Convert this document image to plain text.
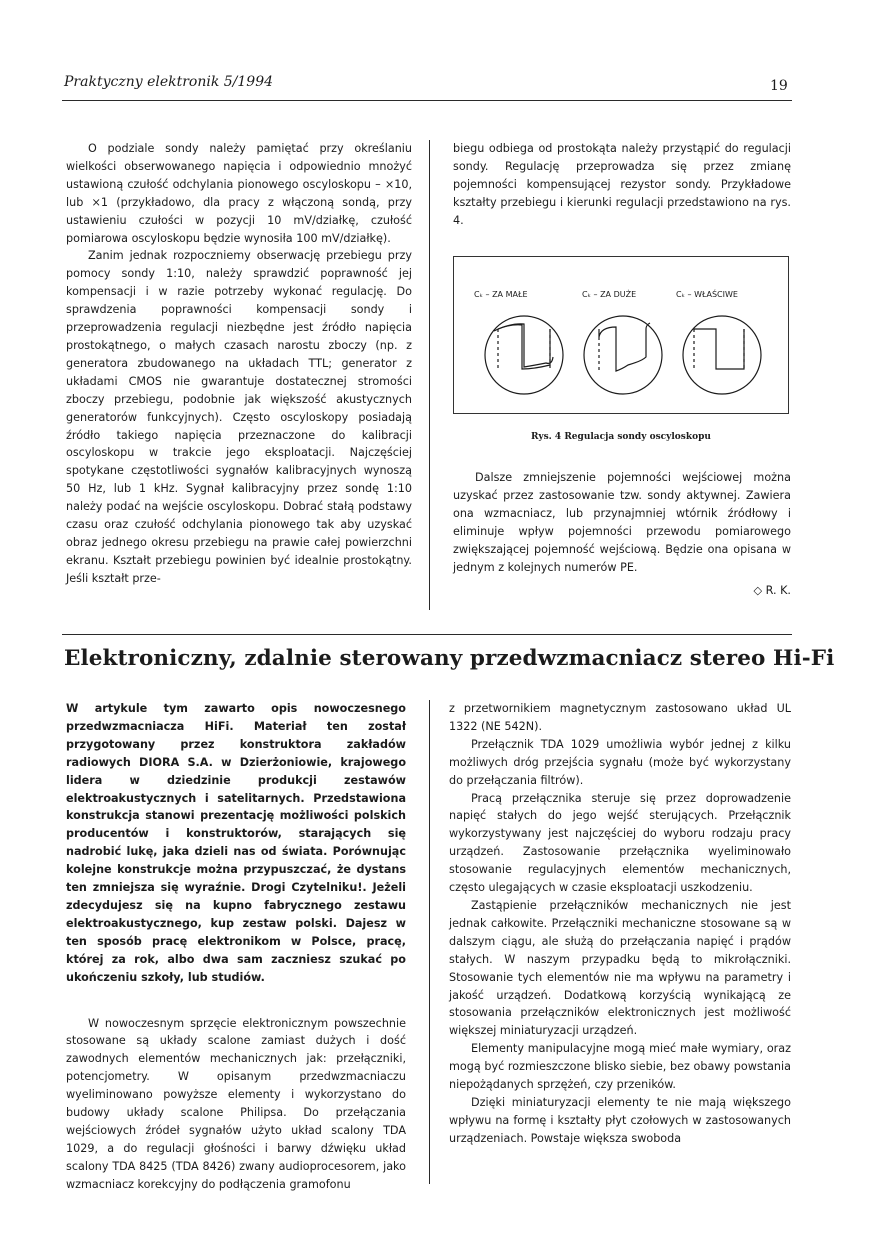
Praktyczny elektronik 5/1994	19

O podziale sondy należy pamiętać przy określaniu wielkości obserwowanego napięcia i odpowiednio mnożyć ustawioną czułość odchylania pionowego oscyloskopu – ×10, lub ×1 (przykładowo, dla pracy z włączoną sondą, przy ustawieniu czułości w pozycji 10 mV/działkę, czułość pomiarowa oscyloskopu będzie wynosiła 100 mV/działkę).

Zanim jednak rozpoczniemy obserwację przebiegu przy pomocy sondy 1:10, należy sprawdzić poprawność jej kompensacji i w razie potrzeby wykonać regulację. Do sprawdzenia poprawności kompensacji sondy i przeprowadzenia regulacji niezbędne jest źródło napięcia prostokątnego, o małych czasach narostu zboczy (np. z generatora zbudowanego na układach TTL; generator z układami CMOS nie gwarantuje dostatecznej stromości zboczy przebiegu, podobnie jak większość akustycznych generatorów funkcyjnych). Często oscyloskopy posiadają źródło takiego napięcia przeznaczone do kalibracji oscyloskopu w trakcie jego eksploatacji. Najczęściej spotykane częstotliwości sygnałów kalibracyjnych wynoszą 50 Hz, lub 1 kHz. Sygnał kalibracyjny przez sondę 1:10 należy podać na wejście oscyloskopu. Dobrać stałą podstawy czasu oraz czułość odchylania pionowego tak aby uzyskać obraz jednego okresu przebiegu na prawie całej powierzchni ekranu. Kształt przebiegu powinien być idealnie prostokątny. Jeśli kształt prze-

biegu odbiega od prostokąta należy przystąpić do regulacji sondy. Regulację przeprowadza się przez zmianę pojemności kompensującej rezystor sondy. Przykładowe kształty przebiegu i kierunki regulacji przedstawiono na rys. 4.

Cₖ – ZA MAŁE	Cₖ – ZA DUŻE	Cₖ – WŁAŚCIWE
Rys. 4 Regulacja sondy oscyloskopu

Dalsze zmniejszenie pojemności wejściowej można uzyskać przez zastosowanie tzw. sondy aktywnej. Zawiera ona wzmacniacz, lub przynajmniej wtórnik źródłowy i eliminuje wpływ pojemności przewodu pomiarowego zwiększającej pojemność wejściową. Będzie ona opisana w jednym z kolejnych numerów PE.

◇ R. K.

Elektroniczny, zdalnie sterowany przedwzmacniacz stereo Hi-Fi

W artykule tym zawarto opis nowoczesnego przedwzmacniacza HiFi. Materiał ten został przygotowany przez konstruktora zakładów radiowych DIORA S.A. w Dzierżoniowie, krajowego lidera w dziedzinie produkcji zestawów elektroakustycznych i satelitarnych. Przedstawiona konstrukcja stanowi prezentację możliwości polskich producentów i konstruktorów, starających się nadrobić lukę, jaka dzieli nas od świata. Porównując kolejne konstrukcje można przypuszczać, że dystans ten zmniejsza się wyraźnie. Drogi Czytelniku!. Jeżeli zdecydujesz się na kupno fabrycznego zestawu elektroakustycznego, kup zestaw polski. Dajesz w ten sposób pracę elektronikom w Polsce, pracę, której za rok, albo dwa sam zaczniesz szukać po ukończeniu szkoły, lub studiów.

W nowoczesnym sprzęcie elektronicznym powszechnie stosowane są układy scalone zamiast dużych i dość zawodnych elementów mechanicznych jak: przełączniki, potencjometry. W opisanym przedwzmacniaczu wyeliminowano powyższe elementy i wykorzystano do budowy układy scalone Philipsa. Do przełączania wejściowych źródeł sygnałów użyto układ scalony TDA 1029, a do regulacji głośności i barwy dźwięku układ scalony TDA 8425 (TDA 8426) zwany audioprocesorem, jako wzmacniacz korekcyjny do podłączenia gramofonu

z przetwornikiem magnetycznym zastosowano układ UL 1322 (NE 542N).

Przełącznik TDA 1029 umożliwia wybór jednej z kilku możliwych dróg przejścia sygnału (może być wykorzystany do przełączania filtrów).

Pracą przełącznika steruje się przez doprowadzenie napięć stałych do jego wejść sterujących. Przełącznik wykorzystywany jest najczęściej do wyboru rodzaju pracy urządzeń. Zastosowanie przełącznika wyeliminowało stosowanie regulacyjnych elementów mechanicznych, często ulegających w czasie eksploatacji uszkodzeniu.

Zastąpienie przełączników mechanicznych nie jest jednak całkowite. Przełączniki mechaniczne stosowane są w dalszym ciągu, ale służą do przełączania napięć i prądów stałych. W naszym przypadku będą to mikrołączniki. Stosowanie tych elementów nie ma wpływu na parametry i jakość urządzeń. Dodatkową korzyścią wynikającą ze stosowania przełączników elektronicznych jest możliwość większej miniaturyzacji urządzeń.

Elementy manipulacyjne mogą mieć małe wymiary, oraz mogą być rozmieszczone blisko siebie, bez obawy powstania niepożądanych sprzężeń, czy przeników.

Dzięki miniaturyzacji elementy te nie mają większego wpływu na formę i kształty płyt czołowych w zastosowanych urządzeniach. Powstaje większa swoboda
